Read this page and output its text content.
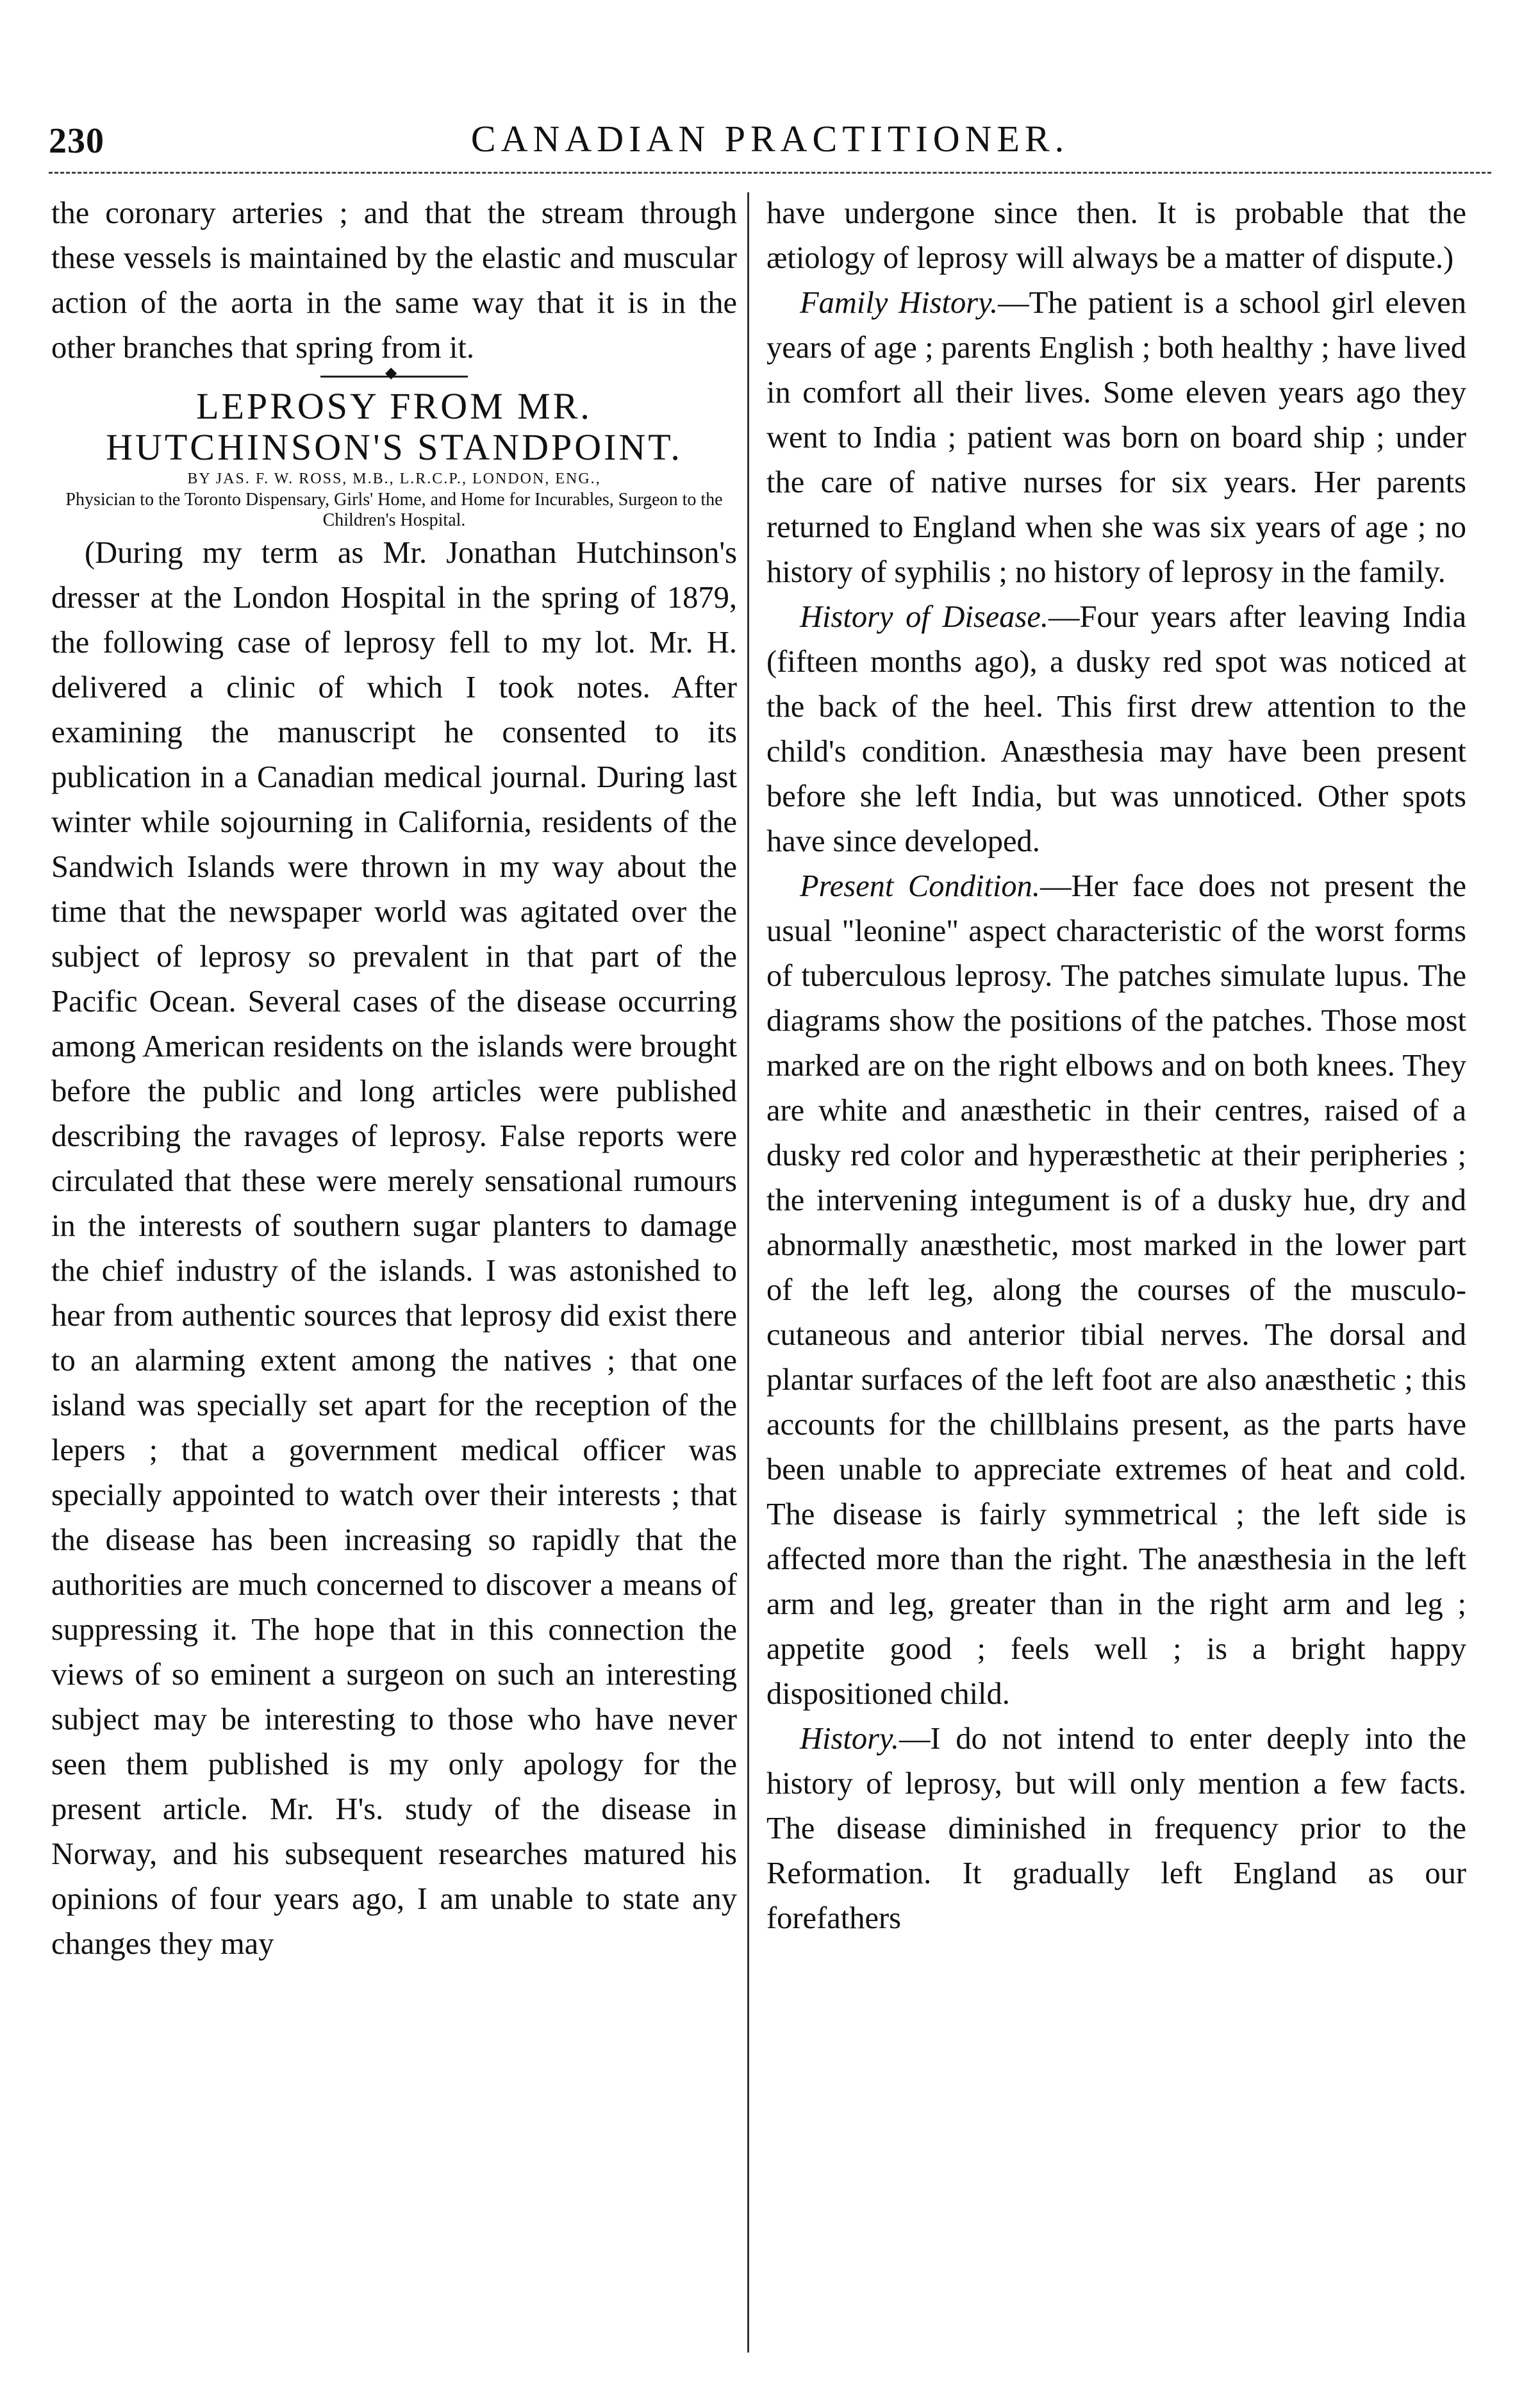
230	CANADIAN PRACTITIONER.

the coronary arteries ; and that the stream through these vessels is maintained by the elastic and muscular action of the aorta in the same way that it is in the other branches that spring from it.

◆
LEPROSY FROM MR. HUTCHINSON'S STANDPOINT.

BY JAS. F. W. ROSS, M.B., L.R.C.P., LONDON, ENG.,

Physician to the Toronto Dispensary, Girls' Home, and Home for Incurables, Surgeon to the Children's Hospital.

(During my term as Mr. Jonathan Hutchinson's dresser at the London Hospital in the spring of 1879, the following case of leprosy fell to my lot. Mr. H. delivered a clinic of which I took notes. After examining the manuscript he consented to its publication in a Canadian medical journal. During last winter while sojourning in California, residents of the Sandwich Islands were thrown in my way about the time that the newspaper world was agitated over the subject of leprosy so prevalent in that part of the Pacific Ocean. Several cases of the disease occurring among American residents on the islands were brought before the public and long articles were published describing the ravages of leprosy. False reports were circulated that these were merely sensational rumours in the interests of southern sugar planters to damage the chief industry of the islands. I was astonished to hear from authentic sources that leprosy did exist there to an alarming extent among the natives ; that one island was specially set apart for the reception of the lepers ; that a government medical officer was specially appointed to watch over their interests ; that the disease has been increasing so rapidly that the authorities are much concerned to discover a means of suppressing it. The hope that in this connection the views of so eminent a surgeon on such an interesting subject may be interesting to those who have never seen them published is my only apology for the present article. Mr. H's. study of the disease in Norway, and his subsequent researches matured his opinions of four years ago, I am unable to state any changes they may

have undergone since then. It is probable that the ætiology of leprosy will always be a matter of dispute.)

Family History.—The patient is a school girl eleven years of age ; parents English ; both healthy ; have lived in comfort all their lives. Some eleven years ago they went to India ; patient was born on board ship ; under the care of native nurses for six years. Her parents returned to England when she was six years of age ; no history of syphilis ; no history of leprosy in the family.

History of Disease.—Four years after leaving India (fifteen months ago), a dusky red spot was noticed at the back of the heel. This first drew attention to the child's condition. Anæsthesia may have been present before she left India, but was unnoticed. Other spots have since developed.

Present Condition.—Her face does not present the usual "leonine" aspect characteristic of the worst forms of tuberculous leprosy. The patches simulate lupus. The diagrams show the positions of the patches. Those most marked are on the right elbows and on both knees. They are white and anæsthetic in their centres, raised of a dusky red color and hyperæsthetic at their peripheries ; the intervening integument is of a dusky hue, dry and abnormally anæsthetic, most marked in the lower part of the left leg, along the courses of the musculo-cutaneous and anterior tibial nerves. The dorsal and plantar surfaces of the left foot are also anæsthetic ; this accounts for the chillblains present, as the parts have been unable to appreciate extremes of heat and cold. The disease is fairly symmetrical ; the left side is affected more than the right. The anæsthesia in the left arm and leg, greater than in the right arm and leg ; appetite good ; feels well ; is a bright happy dispositioned child.

History.—I do not intend to enter deeply into the history of leprosy, but will only mention a few facts. The disease diminished in frequency prior to the Reformation. It gradually left England as our forefathers
